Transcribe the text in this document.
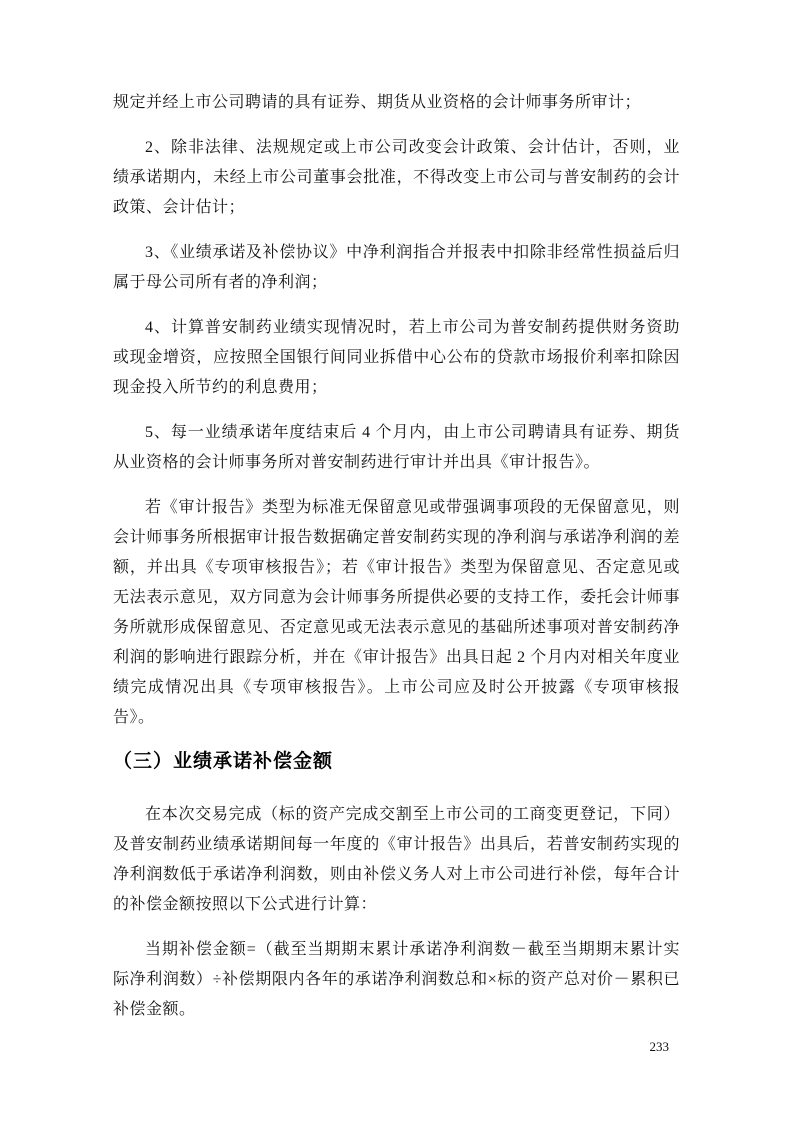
规定并经上市公司聘请的具有证券、期货从业资格的会计师事务所审计；

2、除非法律、法规规定或上市公司改变会计政策、会计估计，否则，业绩承诺期内，未经上市公司董事会批准，不得改变上市公司与普安制药的会计政策、会计估计；

3、《业绩承诺及补偿协议》中净利润指合并报表中扣除非经常性损益后归属于母公司所有者的净利润；

4、计算普安制药业绩实现情况时，若上市公司为普安制药提供财务资助或现金增资，应按照全国银行间同业拆借中心公布的贷款市场报价利率扣除因现金投入所节约的利息费用；

5、每一业绩承诺年度结束后 4 个月内，由上市公司聘请具有证券、期货从业资格的会计师事务所对普安制药进行审计并出具《审计报告》。

若《审计报告》类型为标准无保留意见或带强调事项段的无保留意见，则会计师事务所根据审计报告数据确定普安制药实现的净利润与承诺净利润的差额，并出具《专项审核报告》；若《审计报告》类型为保留意见、否定意见或无法表示意见，双方同意为会计师事务所提供必要的支持工作，委托会计师事务所就形成保留意见、否定意见或无法表示意见的基础所述事项对普安制药净利润的影响进行跟踪分析，并在《审计报告》出具日起 2 个月内对相关年度业绩完成情况出具《专项审核报告》。上市公司应及时公开披露《专项审核报告》。

（三）业绩承诺补偿金额

在本次交易完成（标的资产完成交割至上市公司的工商变更登记，下同）及普安制药业绩承诺期间每一年度的《审计报告》出具后，若普安制药实现的净利润数低于承诺净利润数，则由补偿义务人对上市公司进行补偿，每年合计的补偿金额按照以下公式进行计算：

当期补偿金额=（截至当期期末累计承诺净利润数－截至当期期末累计实际净利润数）÷补偿期限内各年的承诺净利润数总和×标的资产总对价－累积已补偿金额。

233
